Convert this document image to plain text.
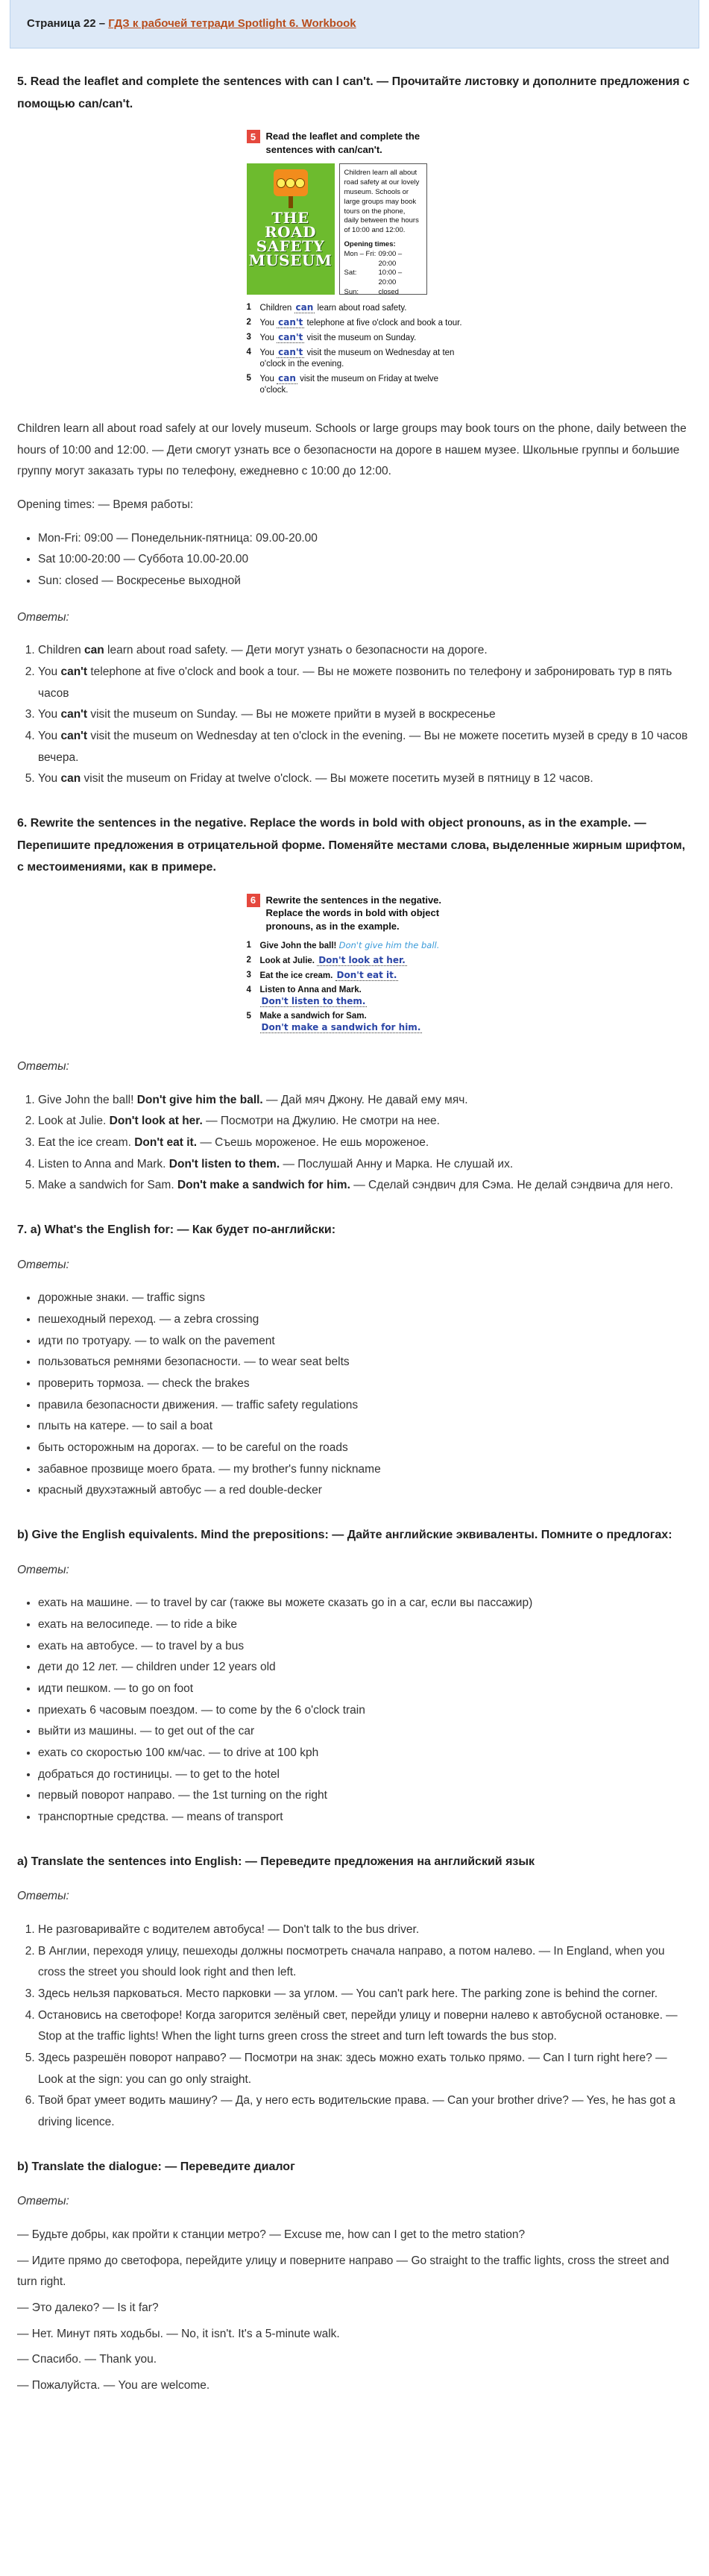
Страница 22 – ГДЗ к рабочей тетради Spotlight 6. Workbook
5. Read the leaflet and complete the sentences with can l can't. — Прочитайте листовку и дополните предложения с помощью can/can't.
5	Read the leaflet and complete the sentences with can/can't.
THE
ROAD
SAFETY
MUSEUM
Children learn all about road safety at our lovely museum. Schools or large groups may book tours on the phone, daily between the hours of 10:00 and 12:00.
Opening times:
Mon – Fri: 09:00 – 20:00
Sat:	10:00 – 20:00
Sun:	closed
1	Children can learn about road safety.
2	You can't telephone at five o'clock and book a tour.
3	You can't visit the museum on Sunday.
4	You can't visit the museum on Wednesday at ten o'clock in the evening.
5	You can visit the museum on Friday at twelve o'clock.

Children learn all about road safely at our lovely museum. Schools or large groups may book tours on the phone, daily between the hours of 10:00 and 12:00. — Дети смогут узнать все о безопасности на дороге в нашем музее. Школьные группы и большие группу могут заказать туры по телефону, ежедневно с 10:00 до 12:00.

Opening times: — Время работы:

• Mon-Fri: 09:00 — Понедельник-пятница: 09.00-20.00
• Sat 10:00-20:00 — Суббота 10.00-20.00
• Sun: closed — Воскресенье выходной

Ответы:

1. Children can learn about road safety. — Дети могут узнать о безопасности на дороге.
2. You can't telephone at five o'clock and book a tour. — Вы не можете позвонить по телефону и забронировать тур в пять часов
3. You can't visit the museum on Sunday. — Вы не можете прийти в музей в воскресенье
4. You can't visit the museum on Wednesday at ten o'clock in the evening. — Вы не можете посетить музей в среду в 10 часов вечера.
5. You can visit the museum on Friday at twelve o'clock. — Вы можете посетить музей в пятницу в 12 часов.
6. Rewrite the sentences in the negative. Replace the words in bold with object pronouns, as in the example. — Перепишите предложения в отрицательной форме. Поменяйте местами слова, выделенные жирным шрифтом, с местоимениями, как в примере.
6	Rewrite the sentences in the negative. Replace the words in bold with object pronouns, as in the example.
1	Give John the ball! Don't give him the ball.
2	Look at Julie. Don't look at her.
3	Eat the ice cream. Don't eat it.
4	Listen to Anna and Mark.
Don't listen to them.
5	Make a sandwich for Sam.
Don't make a sandwich for him.

Ответы:

1. Give John the ball! Don't give him the ball. — Дай мяч Джону. Не давай ему мяч.
2. Look at Julie. Don't look at her. — Посмотри на Джулию. Не смотри на нее.
3. Eat the ice cream. Don't eat it. — Съешь мороженое. Не ешь мороженое.
4. Listen to Anna and Mark. Don't listen to them. — Послушай Анну и Марка. Не слушай их.
5. Make a sandwich for Sam. Don't make a sandwich for him. — Сделай сэндвич для Сэма. Не делай сэндвича для него.
7. a) What's the English for: — Как будет по-английски:

Ответы:

• дорожные знаки. — traffic signs
• пешеходный переход. — a zebra crossing
• идти по тротуару. — to walk on the pavement
• пользоваться ремнями безопасности. — to wear seat belts
• проверить тормоза. — check the brakes
• правила безопасности движения. — traffic safety regulations
• плыть на катере. — to sail a boat
• быть осторожным на дорогах. — to be careful on the roads
• забавное прозвище моего брата. — my brother's funny nickname
• красный двухэтажный автобус — a red double-decker
b) Give the English equivalents. Mind the prepositions: — Дайте английские эквиваленты. Помните о предлогах:

Ответы:

• ехать на машине. — to travel by car (также вы можете сказать go in a car, если вы пассажир)
• ехать на велосипеде. — to ride a bike
• ехать на автобусе. — to travel by a bus
• дети до 12 лет. — children under 12 years old
• идти пешком. — to go on foot
• приехать 6 часовым поездом. — to come by the 6 o'clock train
• выйти из машины. — to get out of the car
• ехать со скоростью 100 км/час. — to drive at 100 kph
• добраться до гостиницы. — to get to the hotel
• первый поворот направо. — the 1st turning on the right
• транспортные средства. — means of transport
a) Translate the sentences into English: — Переведите предложения на английский язык

Ответы:

1. Не разговаривайте с водителем автобуса! — Don't talk to the bus driver.
2. В Англии, переходя улицу, пешеходы должны посмотреть сначала направо, а потом налево. — In England, when you cross the street you should look right and then left.
3. Здесь нельзя парковаться. Место парковки — за углом. — You can't park here. The parking zone is behind the corner.
4. Остановись на светофоре! Когда загорится зелёный свет, перейди улицу и поверни налево к автобусной остановке. — Stop at the traffic lights! When the light turns green cross the street and turn left towards the bus stop.
5. Здесь разрешён поворот направо? — Посмотри на знак: здесь можно ехать только прямо. — Can I turn right here? — Look at the sign: you can go only straight.
6. Твой брат умеет водить машину? — Да, у него есть водительские права. — Can your brother drive? — Yes, he has got a driving licence.
b) Translate the dialogue: — Переведите диалог

Ответы:

— Будьте добры, как пройти к станции метро? — Excuse me, how can I get to the metro station?

— Идите прямо до светофора, перейдите улицу и поверните направо — Go straight to the traffic lights, cross the street and turn right.

— Это далеко? — Is it far?

— Нет. Минут пять ходьбы. — No, it isn't. It's a 5-minute walk.

— Спасибо. — Thank you.

— Пожалуйста. — You are welcome.
